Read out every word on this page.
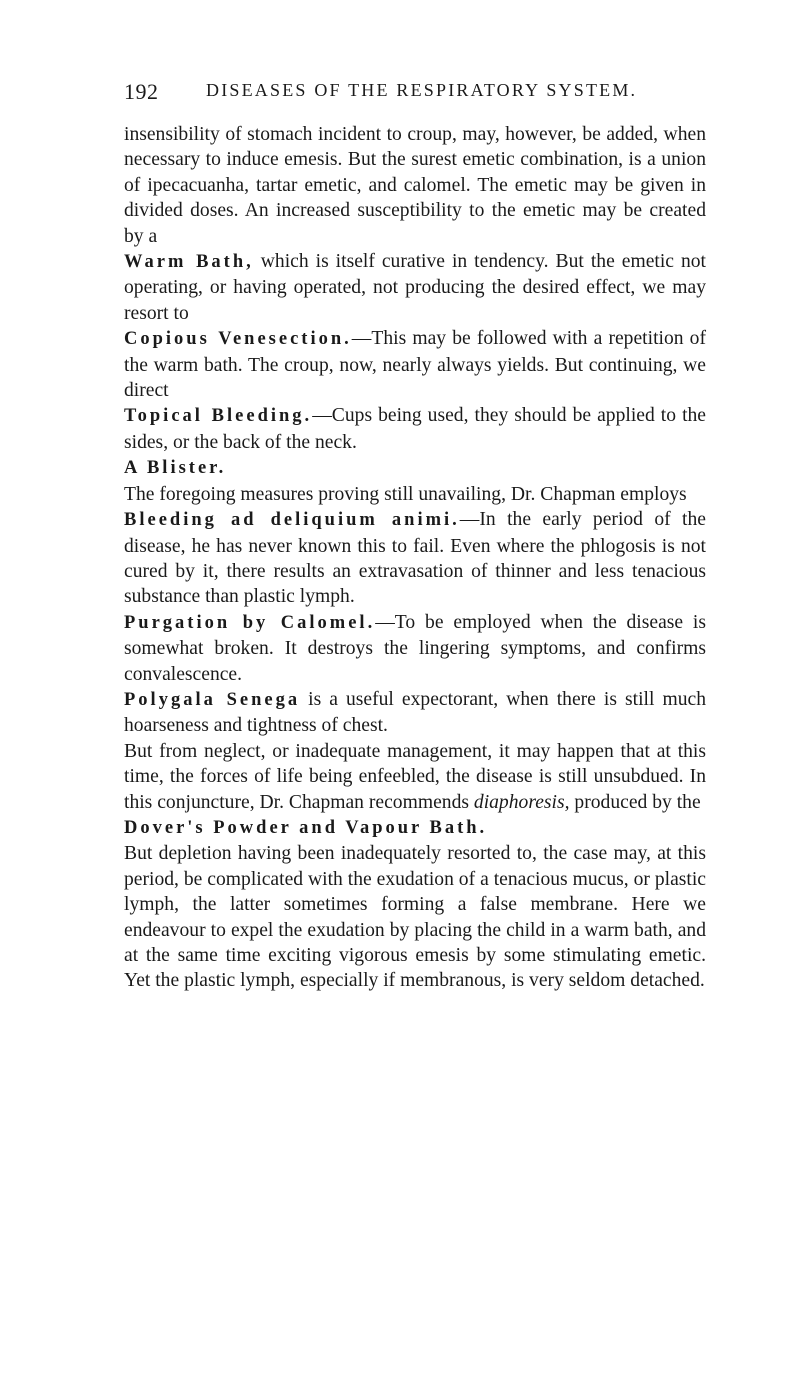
192	DISEASES OF THE RESPIRATORY SYSTEM.

insensibility of stomach incident to croup, may, however, be added, when necessary to induce emesis. But the surest emetic combination, is a union of ipecacuanha, tartar emetic, and calomel. The emetic may be given in divided doses. An increased susceptibility to the emetic may be created by a

Warm Bath, which is itself curative in tendency. But the emetic not operating, or having operated, not producing the desired effect, we may resort to

Copious Venesection.—This may be followed with a repetition of the warm bath. The croup, now, nearly always yields. But continuing, we direct

Topical Bleeding.—Cups being used, they should be applied to the sides, or the back of the neck.

A Blister.

The foregoing measures proving still unavailing, Dr. Chapman employs

Bleeding ad deliquium animi.—In the early period of the disease, he has never known this to fail. Even where the phlogosis is not cured by it, there results an extravasation of thinner and less tenacious substance than plastic lymph.

Purgation by Calomel.—To be employed when the disease is somewhat broken. It destroys the lingering symptoms, and confirms convalescence.

Polygala Senega is a useful expectorant, when there is still much hoarseness and tightness of chest.

But from neglect, or inadequate management, it may happen that at this time, the forces of life being enfeebled, the disease is still unsubdued. In this conjuncture, Dr. Chapman recommends diaphoresis, produced by the

Dover's Powder and Vapour Bath.

But depletion having been inadequately resorted to, the case may, at this period, be complicated with the exudation of a tenacious mucus, or plastic lymph, the latter sometimes forming a false membrane. Here we endeavour to expel the exudation by placing the child in a warm bath, and at the same time exciting vigorous emesis by some stimulating emetic. Yet the plastic lymph, especially if membranous, is very seldom detached.
